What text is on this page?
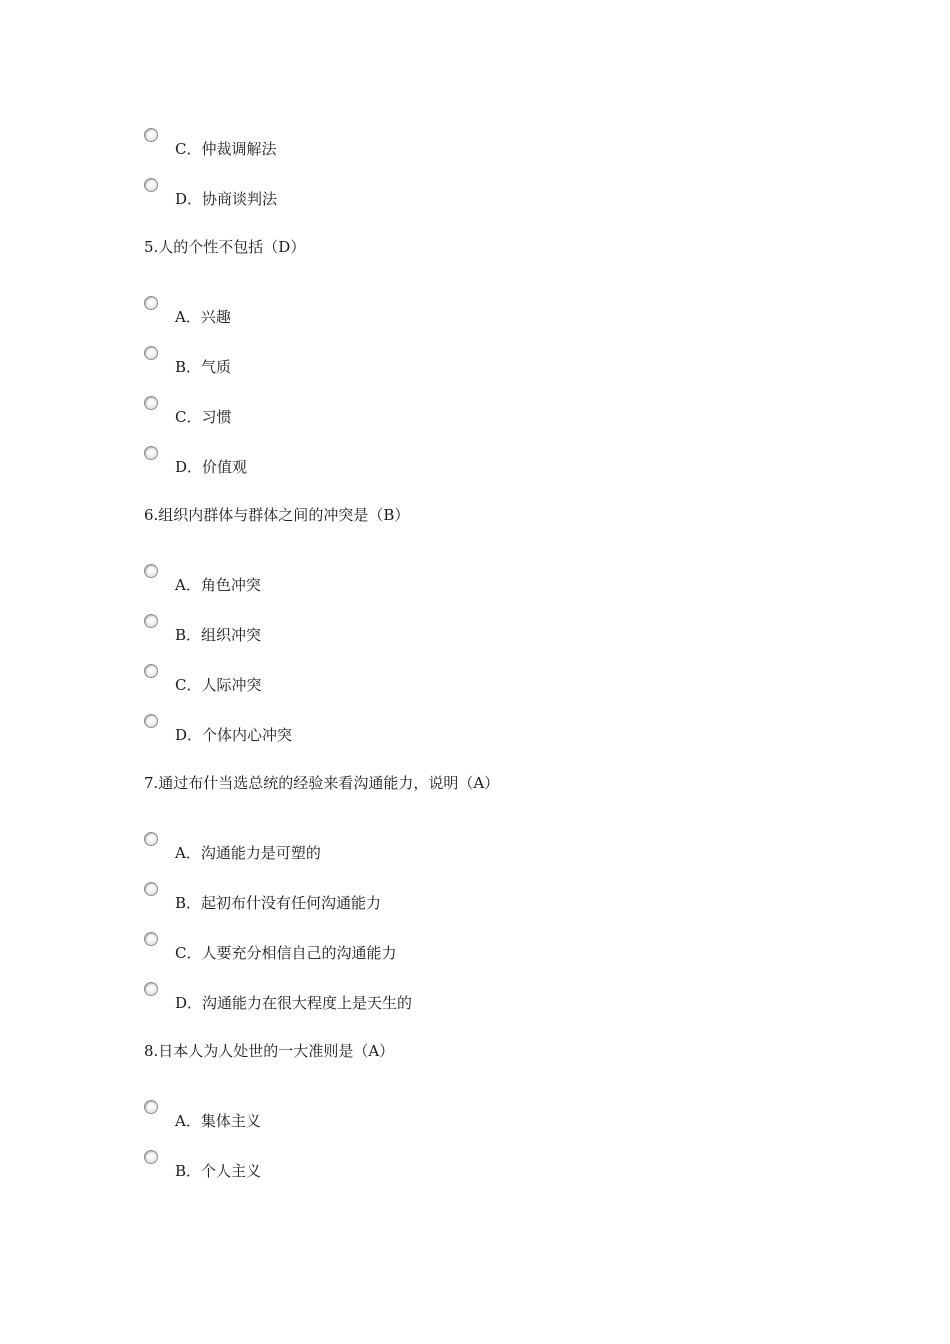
C．仲裁调解法
D．协商谈判法
5.人的个性不包括（D）
A．兴趣
B．气质
C．习惯
D．价值观
6.组织内群体与群体之间的冲突是（B）
A．角色冲突
B．组织冲突
C．人际冲突
D．个体内心冲突
7.通过布什当选总统的经验来看沟通能力，说明（A）
A．沟通能力是可塑的
B．起初布什没有任何沟通能力
C．人要充分相信自己的沟通能力
D．沟通能力在很大程度上是天生的
8.日本人为人处世的一大准则是（A）
A．集体主义
B．个人主义
